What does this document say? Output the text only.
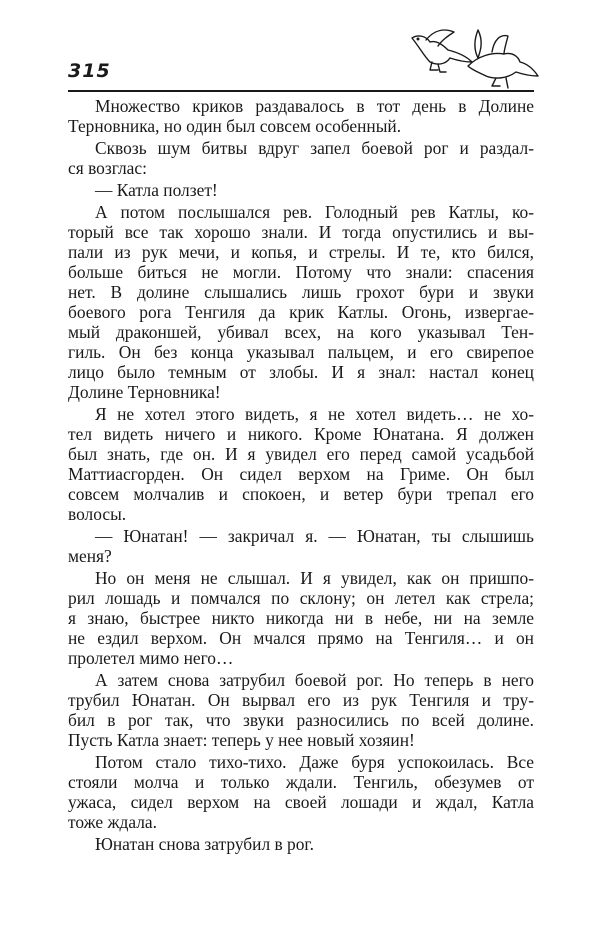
315
Множество криков раздавалось в тот день в Долине
Терновника, но один был совсем особенный.
Сквозь шум битвы вдруг запел боевой рог и раздал-
ся возглас:
— Катла ползет!
А потом послышался рев. Голодный рев Катлы, ко-
торый все так хорошо знали. И тогда опустились и вы-
пали из рук мечи, и копья, и стрелы. И те, кто бился,
больше биться не могли. Потому что знали: спасения
нет. В долине слышались лишь грохот бури и звуки
боевого рога Тенгиля да крик Катлы. Огонь, извергае-
мый драконшей, убивал всех, на кого указывал Тен-
гиль. Он без конца указывал пальцем, и его свирепое
лицо было темным от злобы. И я знал: настал конец
Долине Терновника!
Я не хотел этого видеть, я не хотел видеть… не хо-
тел видеть ничего и никого. Кроме Юнатана. Я должен
был знать, где он. И я увидел его перед самой усадьбой
Маттиасгорден. Он сидел верхом на Гриме. Он был
совсем молчалив и спокоен, и ветер бури трепал его
волосы.
— Юнатан! — закричал я. — Юнатан, ты слышишь
меня?
Но он меня не слышал. И я увидел, как он пришпо-
рил лошадь и помчался по склону; он летел как стрела;
я знаю, быстрее никто никогда ни в небе, ни на земле
не ездил верхом. Он мчался прямо на Тенгиля… и он
пролетел мимо него…
А затем снова затрубил боевой рог. Но теперь в него
трубил Юнатан. Он вырвал его из рук Тенгиля и тру-
бил в рог так, что звуки разносились по всей долине.
Пусть Катла знает: теперь у нее новый хозяин!
Потом стало тихо-тихо. Даже буря успокоилась. Все
стояли молча и только ждали. Тенгиль, обезумев от
ужаса, сидел верхом на своей лошади и ждал, Катла
тоже ждала.
Юнатан снова затрубил в рог.
